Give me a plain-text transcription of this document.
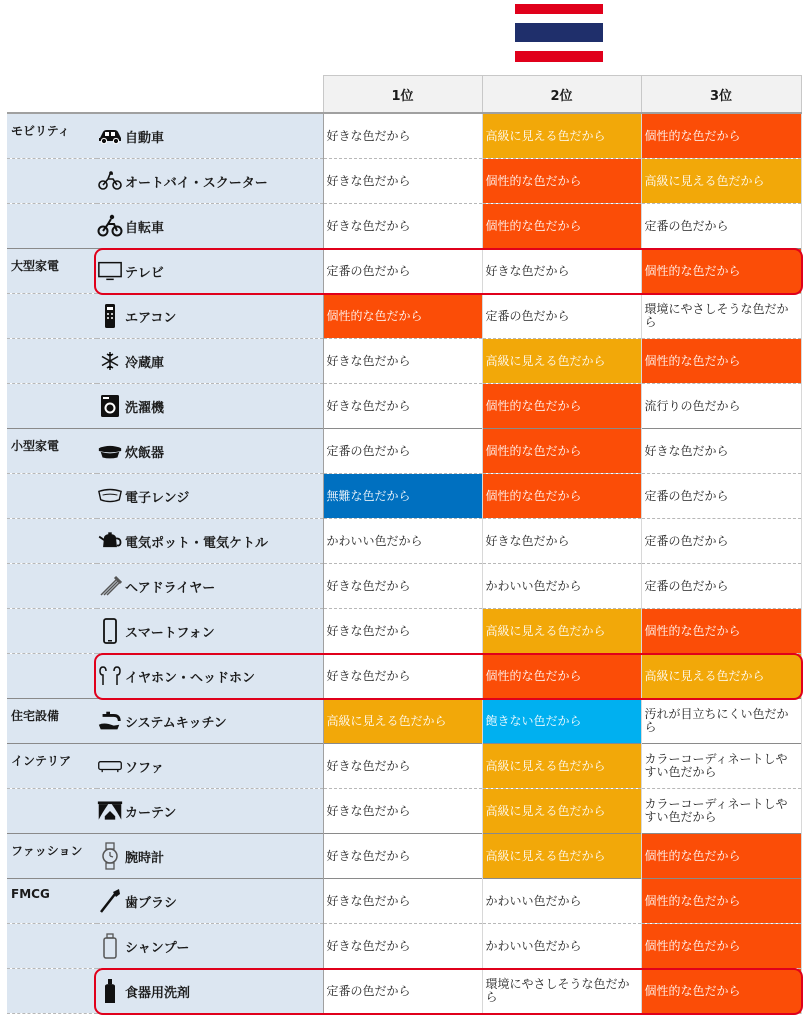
		1位	2位	3位
モビリティ	自動車	好きな色だから	高級に見える色だから	個性的な色だから

	オートバイ・スクーター	好きな色だから	個性的な色だから	高級に見える色だから

	自転車	好きな色だから	個性的な色だから	定番の色だから

大型家電	テレビ	定番の色だから	好きな色だから	個性的な色だから

	エアコン	個性的な色だから	定番の色だから	環境にやさしそうな色だから

	冷蔵庫	好きな色だから	高級に見える色だから	個性的な色だから

	洗濯機	好きな色だから	個性的な色だから	流行りの色だから

小型家電	炊飯器	定番の色だから	個性的な色だから	好きな色だから

	電子レンジ	無難な色だから	個性的な色だから	定番の色だから

	電気ポット・電気ケトル	かわいい色だから	好きな色だから	定番の色だから

	ヘアドライヤー	好きな色だから	かわいい色だから	定番の色だから

	スマートフォン	好きな色だから	高級に見える色だから	個性的な色だから

	イヤホン・ヘッドホン	好きな色だから	個性的な色だから	高級に見える色だから

住宅設備	システムキッチン	高級に見える色だから	飽きない色だから	汚れが目立ちにくい色だから

インテリア	ソファ	好きな色だから	高級に見える色だから	カラーコーディネートしやすい色だから

	カーテン	好きな色だから	高級に見える色だから	カラーコーディネートしやすい色だから

ファッション	腕時計	好きな色だから	高級に見える色だから	個性的な色だから

FMCG	歯ブラシ	好きな色だから	かわいい色だから	個性的な色だから

	シャンプー	好きな色だから	かわいい色だから	個性的な色だから

	食器用洗剤	定番の色だから	環境にやさしそうな色だから	個性的な色だから
